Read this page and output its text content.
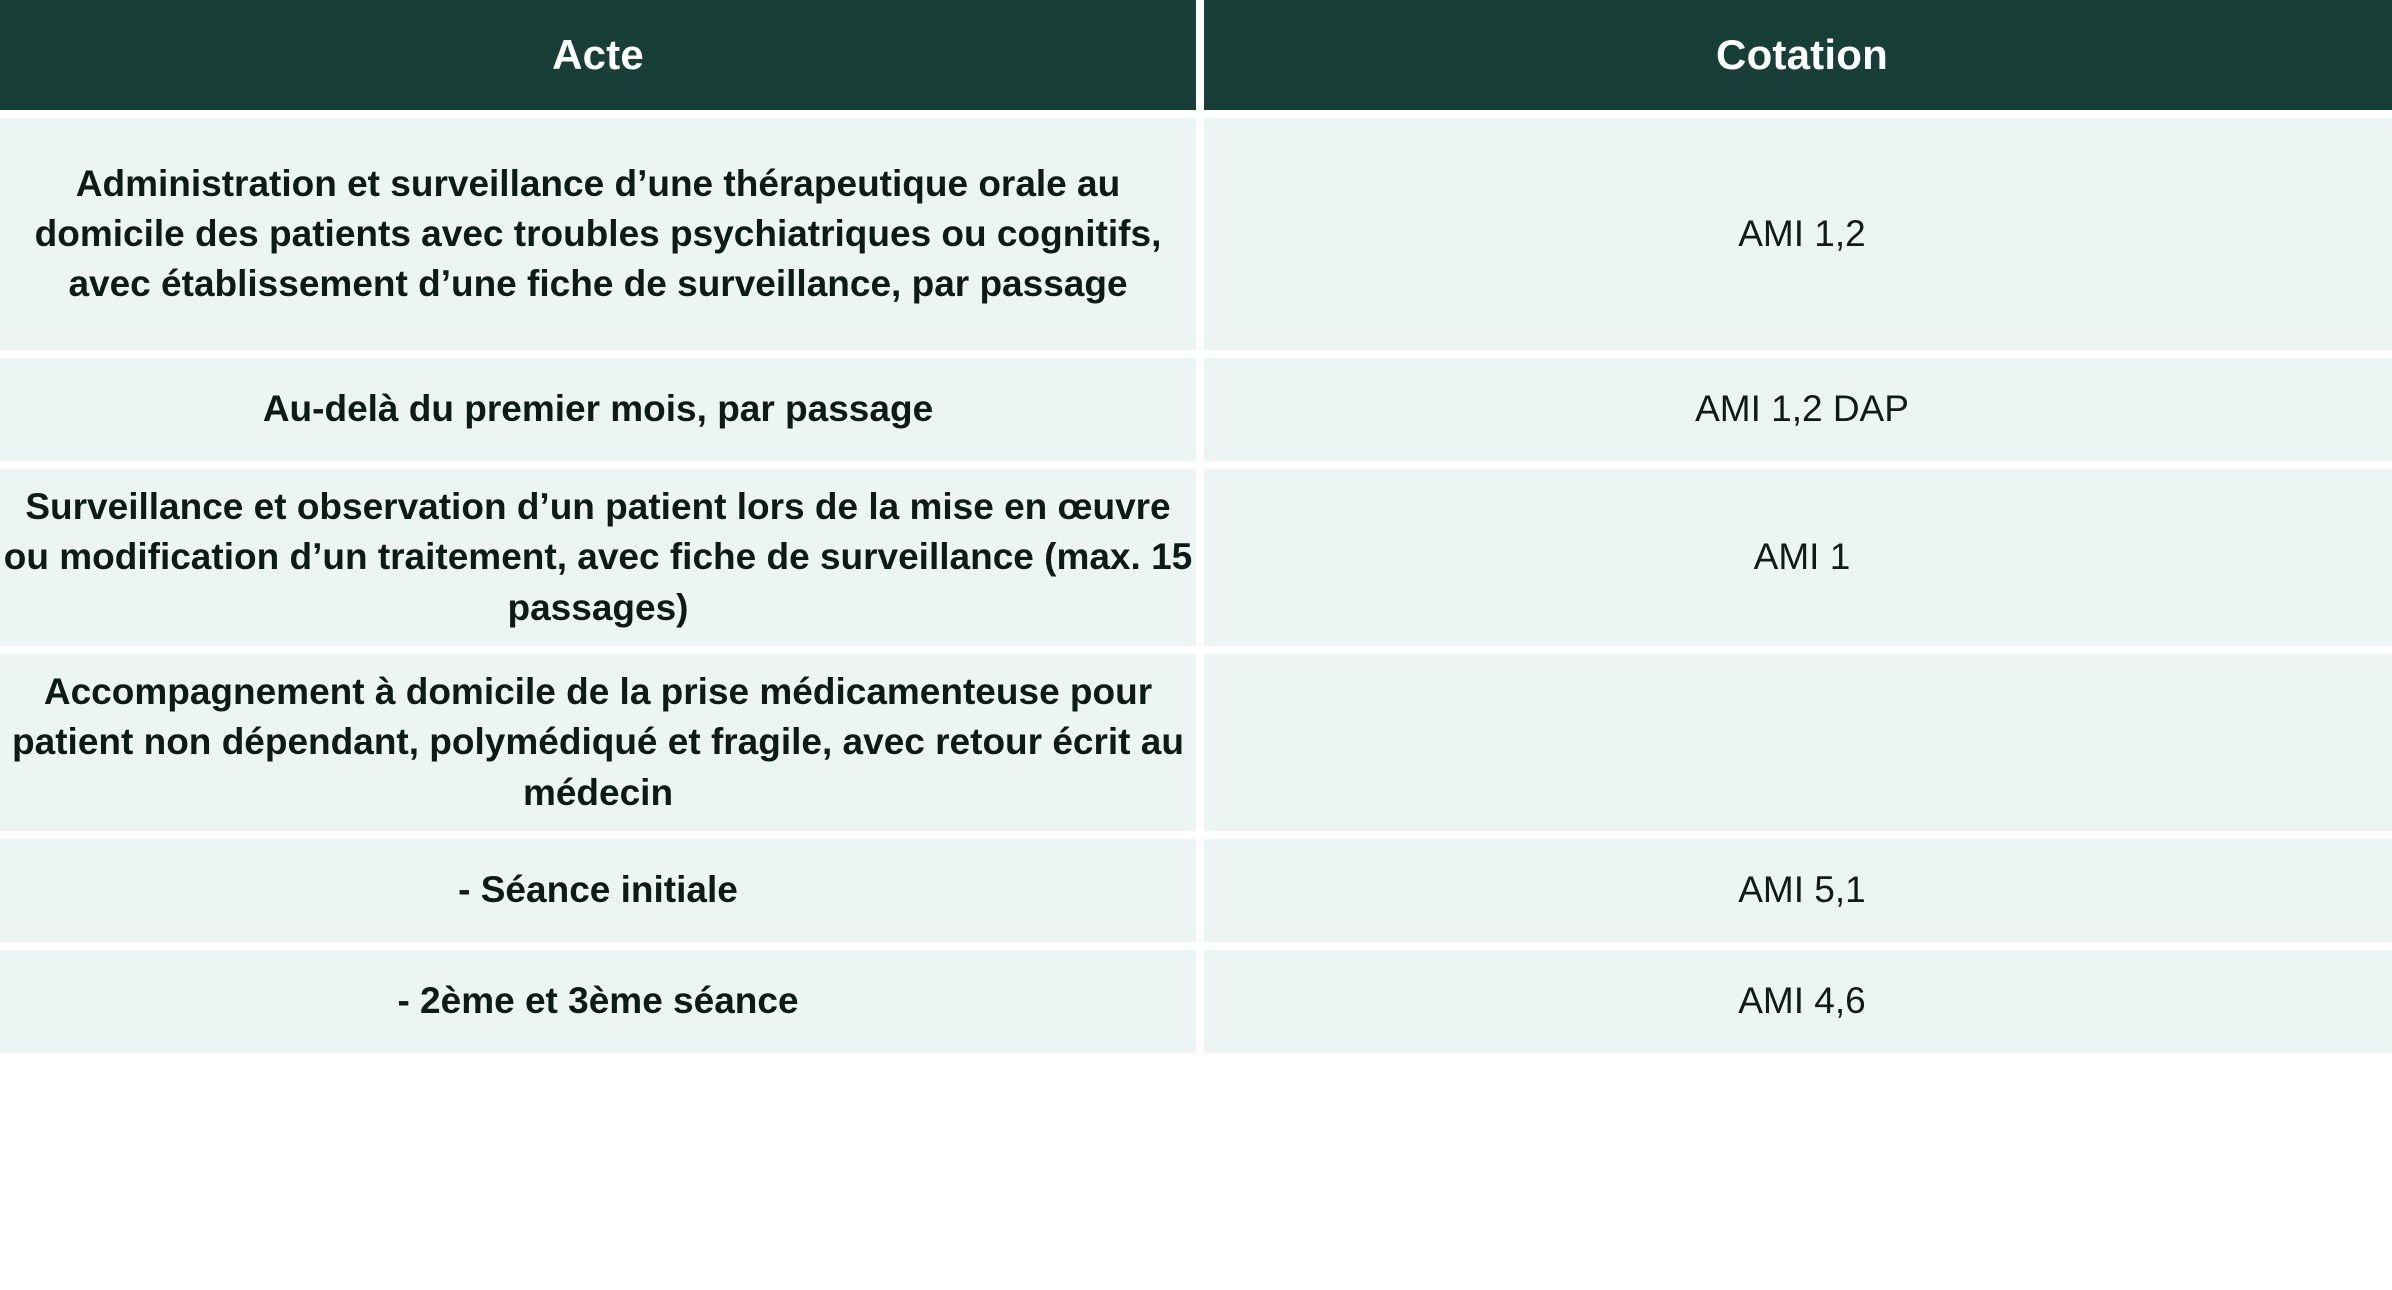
Acte	Cotation
Administration et surveillance d’une thérapeutique orale au domicile des patients avec troubles psychiatriques ou cognitifs, avec établissement d’une fiche de surveillance, par passage	AMI 1,2
Au-delà du premier mois, par passage	AMI 1,2 DAP
Surveillance et observation d’un patient lors de la mise en œuvre ou modification d’un traitement, avec fiche de surveillance (max. 15 passages)	AMI 1
Accompagnement à domicile de la prise médicamenteuse pour patient non dépendant, polymédiqué et fragile, avec retour écrit au médecin	
- Séance initiale	AMI 5,1
- 2ème et 3ème séance	AMI 4,6
